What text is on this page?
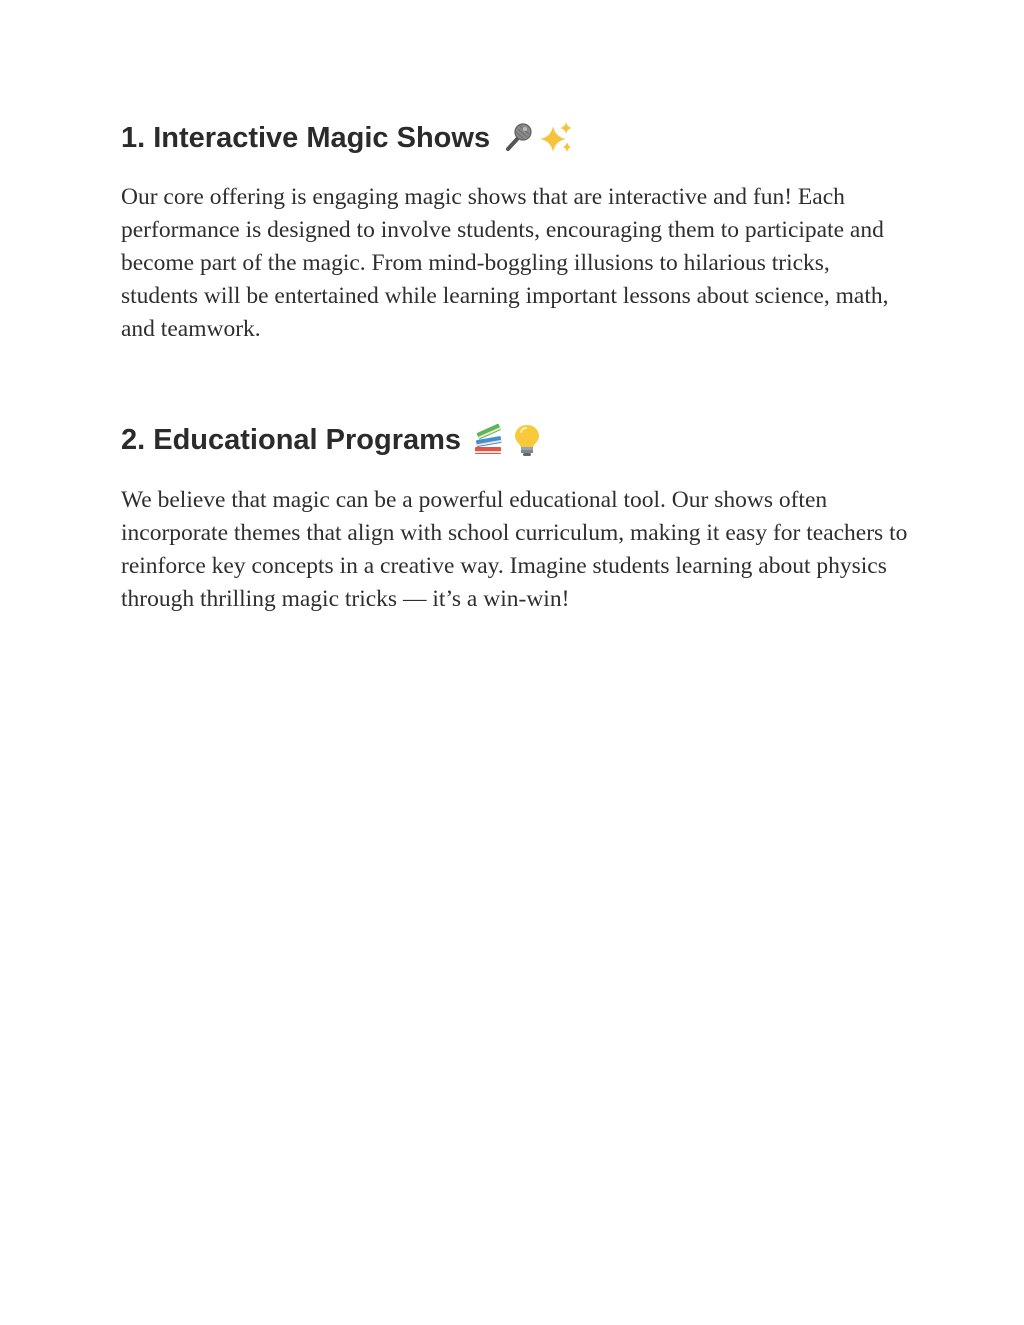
1. Interactive Magic Shows

Our core offering is engaging magic shows that are interactive and fun! Each performance is designed to involve students, encouraging them to participate and become part of the magic. From mind-boggling illusions to hilarious tricks, students will be entertained while learning important lessons about science, math, and teamwork.

2. Educational Programs

We believe that magic can be a powerful educational tool. Our shows often incorporate themes that align with school curriculum, making it easy for teachers to reinforce key concepts in a creative way. Imagine students learning about physics through thrilling magic tricks — it’s a win-win!
